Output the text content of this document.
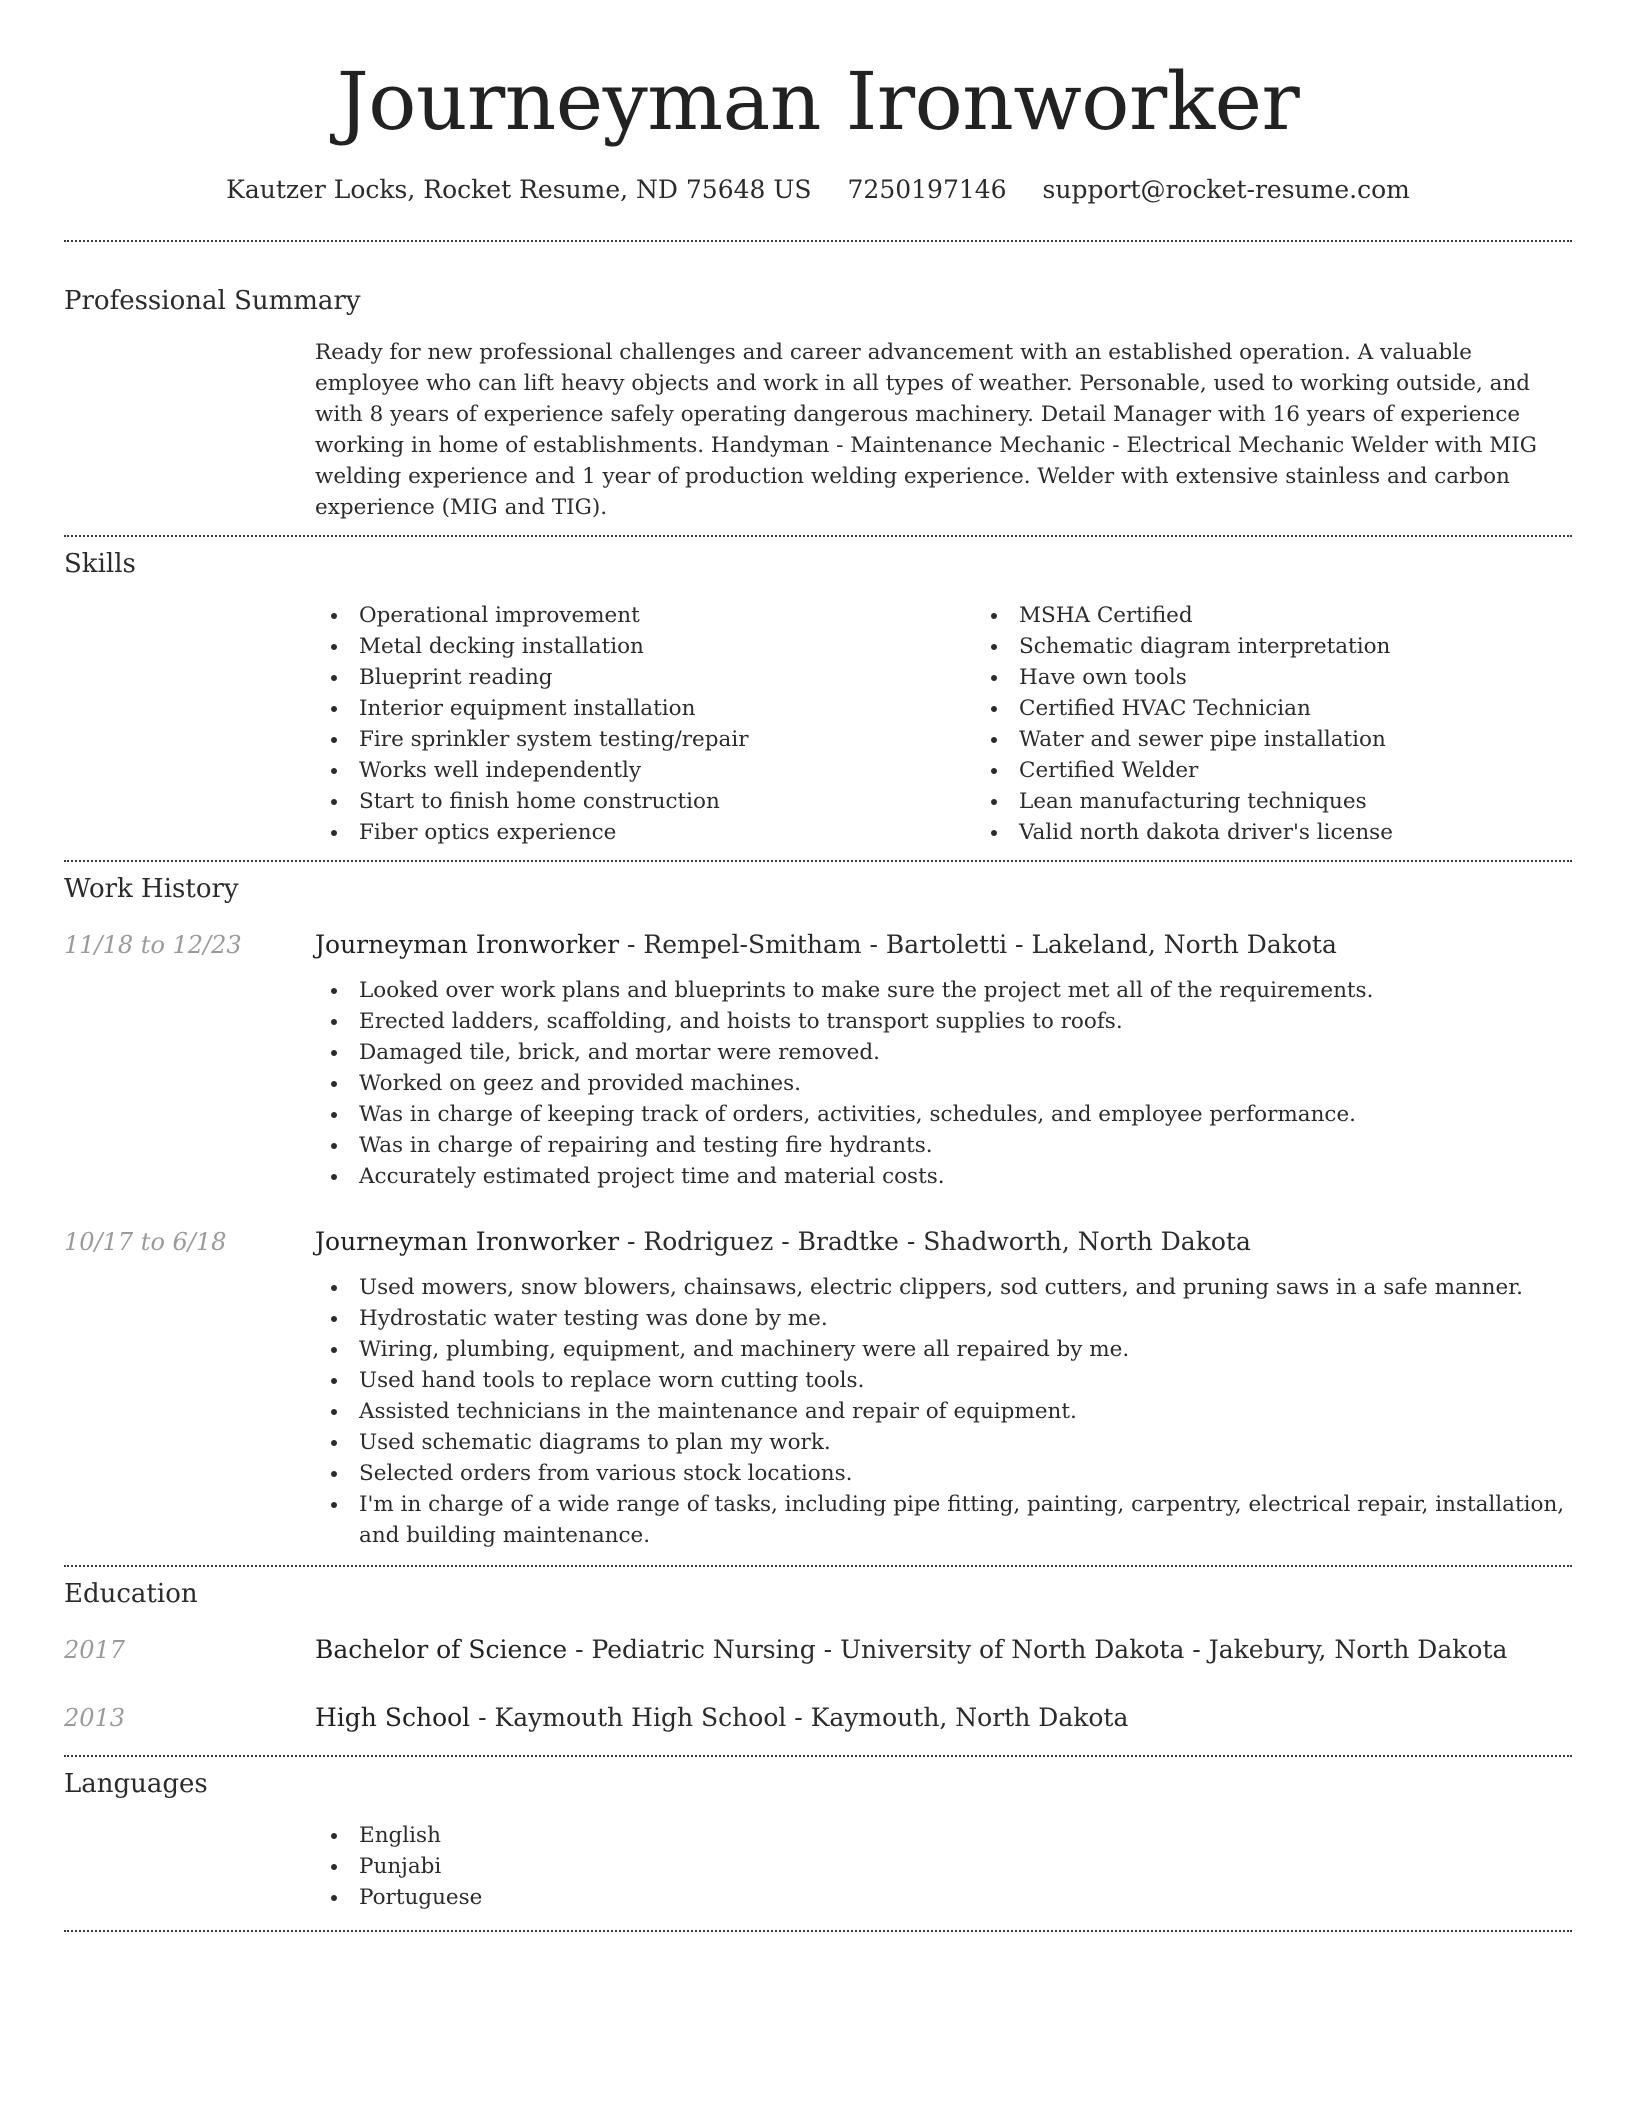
Journeyman Ironworker
Kautzer Locks, Rocket Resume, ND 75648 US 7250197146 support@rocket-resume.com
Professional Summary

Ready for new professional challenges and career advancement with an established operation. A valuable employee who can lift heavy objects and work in all types of weather. Personable, used to working outside, and with 8 years of experience safely operating dangerous machinery. Detail Manager with 16 years of experience working in home of establishments. Handyman - Maintenance Mechanic - Electrical Mechanic Welder with MIG welding experience and 1 year of production welding experience. Welder with extensive stainless and carbon experience (MIG and TIG).

Skills
Operational improvement
Metal decking installation
Blueprint reading
Interior equipment installation
Fire sprinkler system testing/repair
Works well independently
Start to finish home construction
Fiber optics experience
MSHA Certified
Schematic diagram interpretation
Have own tools
Certified HVAC Technician
Water and sewer pipe installation
Certified Welder
Lean manufacturing techniques
Valid north dakota driver's license
Work History
11/18 to 12/23	Journeyman Ironworker - Rempel-Smitham - Bartoletti - Lakeland, North Dakota
Looked over work plans and blueprints to make sure the project met all of the requirements.
Erected ladders, scaffolding, and hoists to transport supplies to roofs.
Damaged tile, brick, and mortar were removed.
Worked on geez and provided machines.
Was in charge of keeping track of orders, activities, schedules, and employee performance.
Was in charge of repairing and testing fire hydrants.
Accurately estimated project time and material costs.
10/17 to 6/18	Journeyman Ironworker - Rodriguez - Bradtke - Shadworth, North Dakota
Used mowers, snow blowers, chainsaws, electric clippers, sod cutters, and pruning saws in a safe manner.
Hydrostatic water testing was done by me.
Wiring, plumbing, equipment, and machinery were all repaired by me.
Used hand tools to replace worn cutting tools.
Assisted technicians in the maintenance and repair of equipment.
Used schematic diagrams to plan my work.
Selected orders from various stock locations.
I'm in charge of a wide range of tasks, including pipe fitting, painting, carpentry, electrical repair, installation, and building maintenance.
Education
2017	Bachelor of Science - Pediatric Nursing - University of North Dakota - Jakebury, North Dakota
2013	High School - Kaymouth High School - Kaymouth, North Dakota
Languages
English
Punjabi
Portuguese
